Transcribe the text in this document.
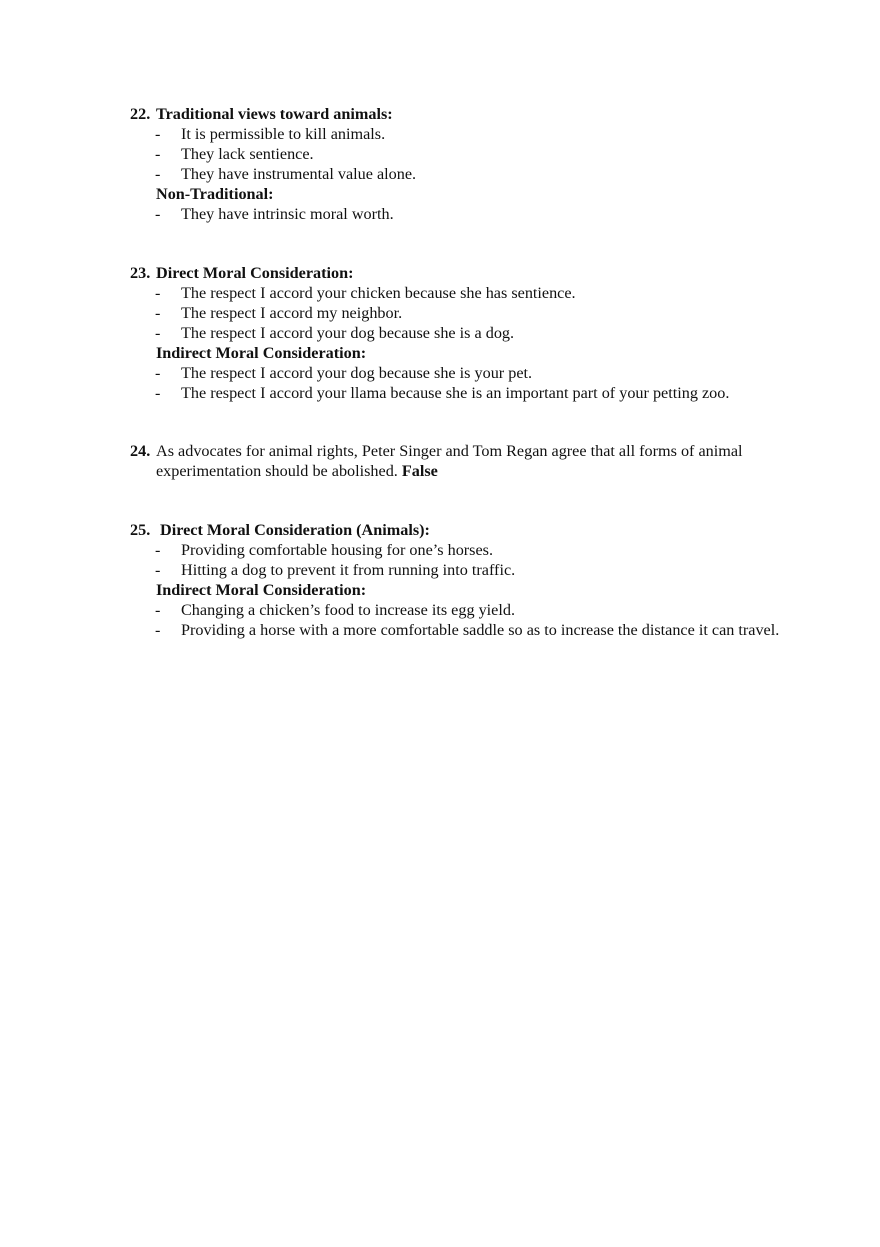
22. Traditional views toward animals:
- It is permissible to kill animals.
- They lack sentience.
- They have instrumental value alone.
Non-Traditional:
- They have intrinsic moral worth.
23. Direct Moral Consideration:
- The respect I accord your chicken because she has sentience.
- The respect I accord my neighbor.
- The respect I accord your dog because she is a dog.
Indirect Moral Consideration:
- The respect I accord your dog because she is your pet.
- The respect I accord your llama because she is an important part of your petting zoo.
24. As advocates for animal rights, Peter Singer and Tom Regan agree that all forms of animal experimentation should be abolished. False
25. Direct Moral Consideration (Animals):
- Providing comfortable housing for one’s horses.
- Hitting a dog to prevent it from running into traffic.
Indirect Moral Consideration:
- Changing a chicken’s food to increase its egg yield.
- Providing a horse with a more comfortable saddle so as to increase the distance it can travel.
